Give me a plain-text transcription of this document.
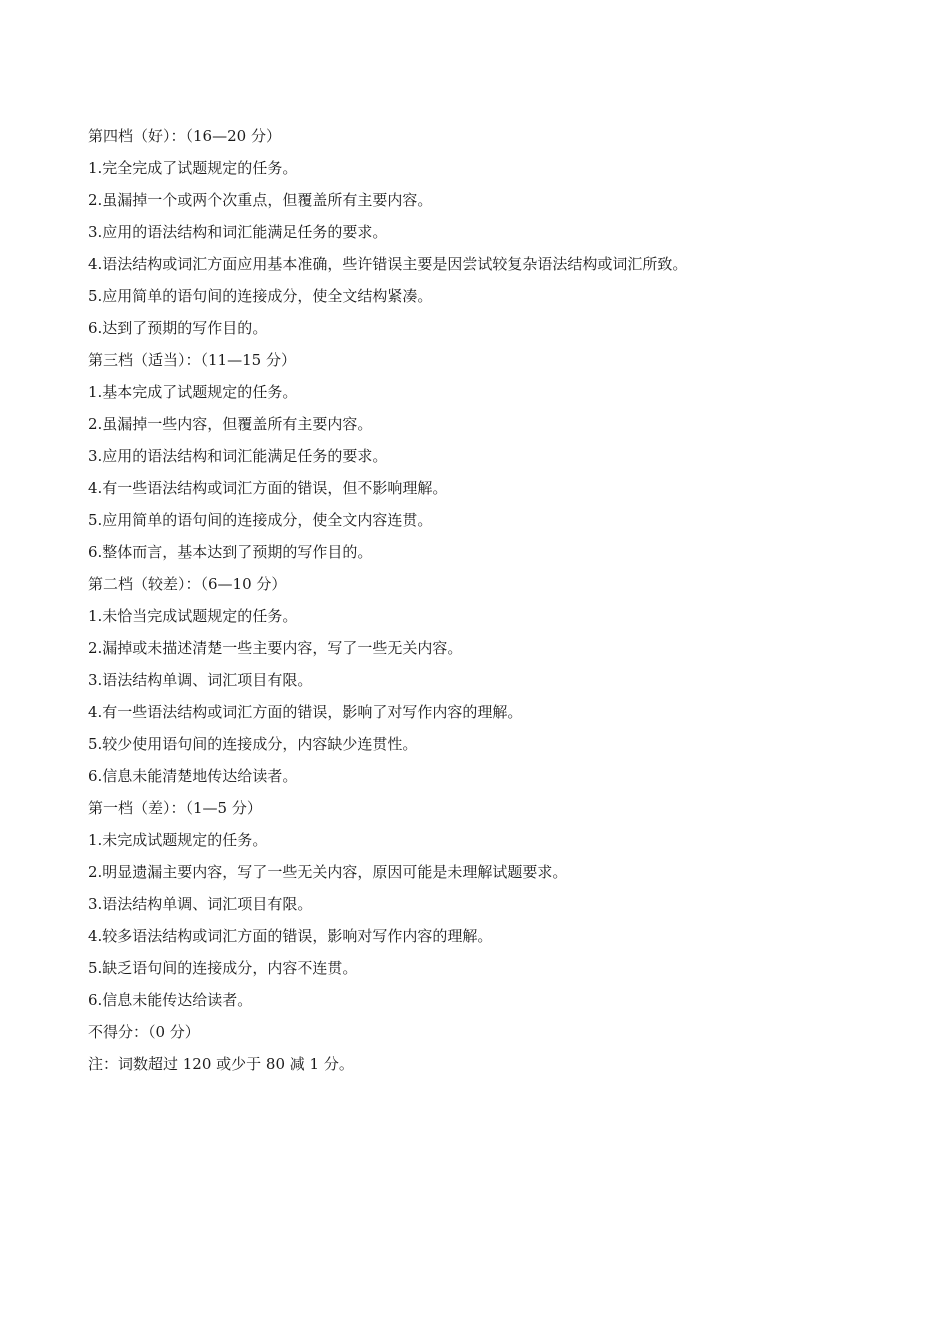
第四档（好）：（16—20 分）
1.完全完成了试题规定的任务。
2.虽漏掉一个或两个次重点，但覆盖所有主要内容。
3.应用的语法结构和词汇能满足任务的要求。
4.语法结构或词汇方面应用基本准确，些许错误主要是因尝试较复杂语法结构或词汇所致。
5.应用简单的语句间的连接成分，使全文结构紧凑。
6.达到了预期的写作目的。
第三档（适当）：（11—15 分）
1.基本完成了试题规定的任务。
2.虽漏掉一些内容，但覆盖所有主要内容。
3.应用的语法结构和词汇能满足任务的要求。
4.有一些语法结构或词汇方面的错误，但不影响理解。
5.应用简单的语句间的连接成分，使全文内容连贯。
6.整体而言，基本达到了预期的写作目的。
第二档（较差）：（6—10 分）
1.未恰当完成试题规定的任务。
2.漏掉或未描述清楚一些主要内容，写了一些无关内容。
3.语法结构单调、词汇项目有限。
4.有一些语法结构或词汇方面的错误，影响了对写作内容的理解。
5.较少使用语句间的连接成分，内容缺少连贯性。
6.信息未能清楚地传达给读者。
第一档（差）：（1—5 分）
1.未完成试题规定的任务。
2.明显遗漏主要内容，写了一些无关内容，原因可能是未理解试题要求。
3.语法结构单调、词汇项目有限。
4.较多语法结构或词汇方面的错误，影响对写作内容的理解。
5.缺乏语句间的连接成分，内容不连贯。
6.信息未能传达给读者。
不得分：（0 分）
注：词数超过 120 或少于 80 减 1 分。
